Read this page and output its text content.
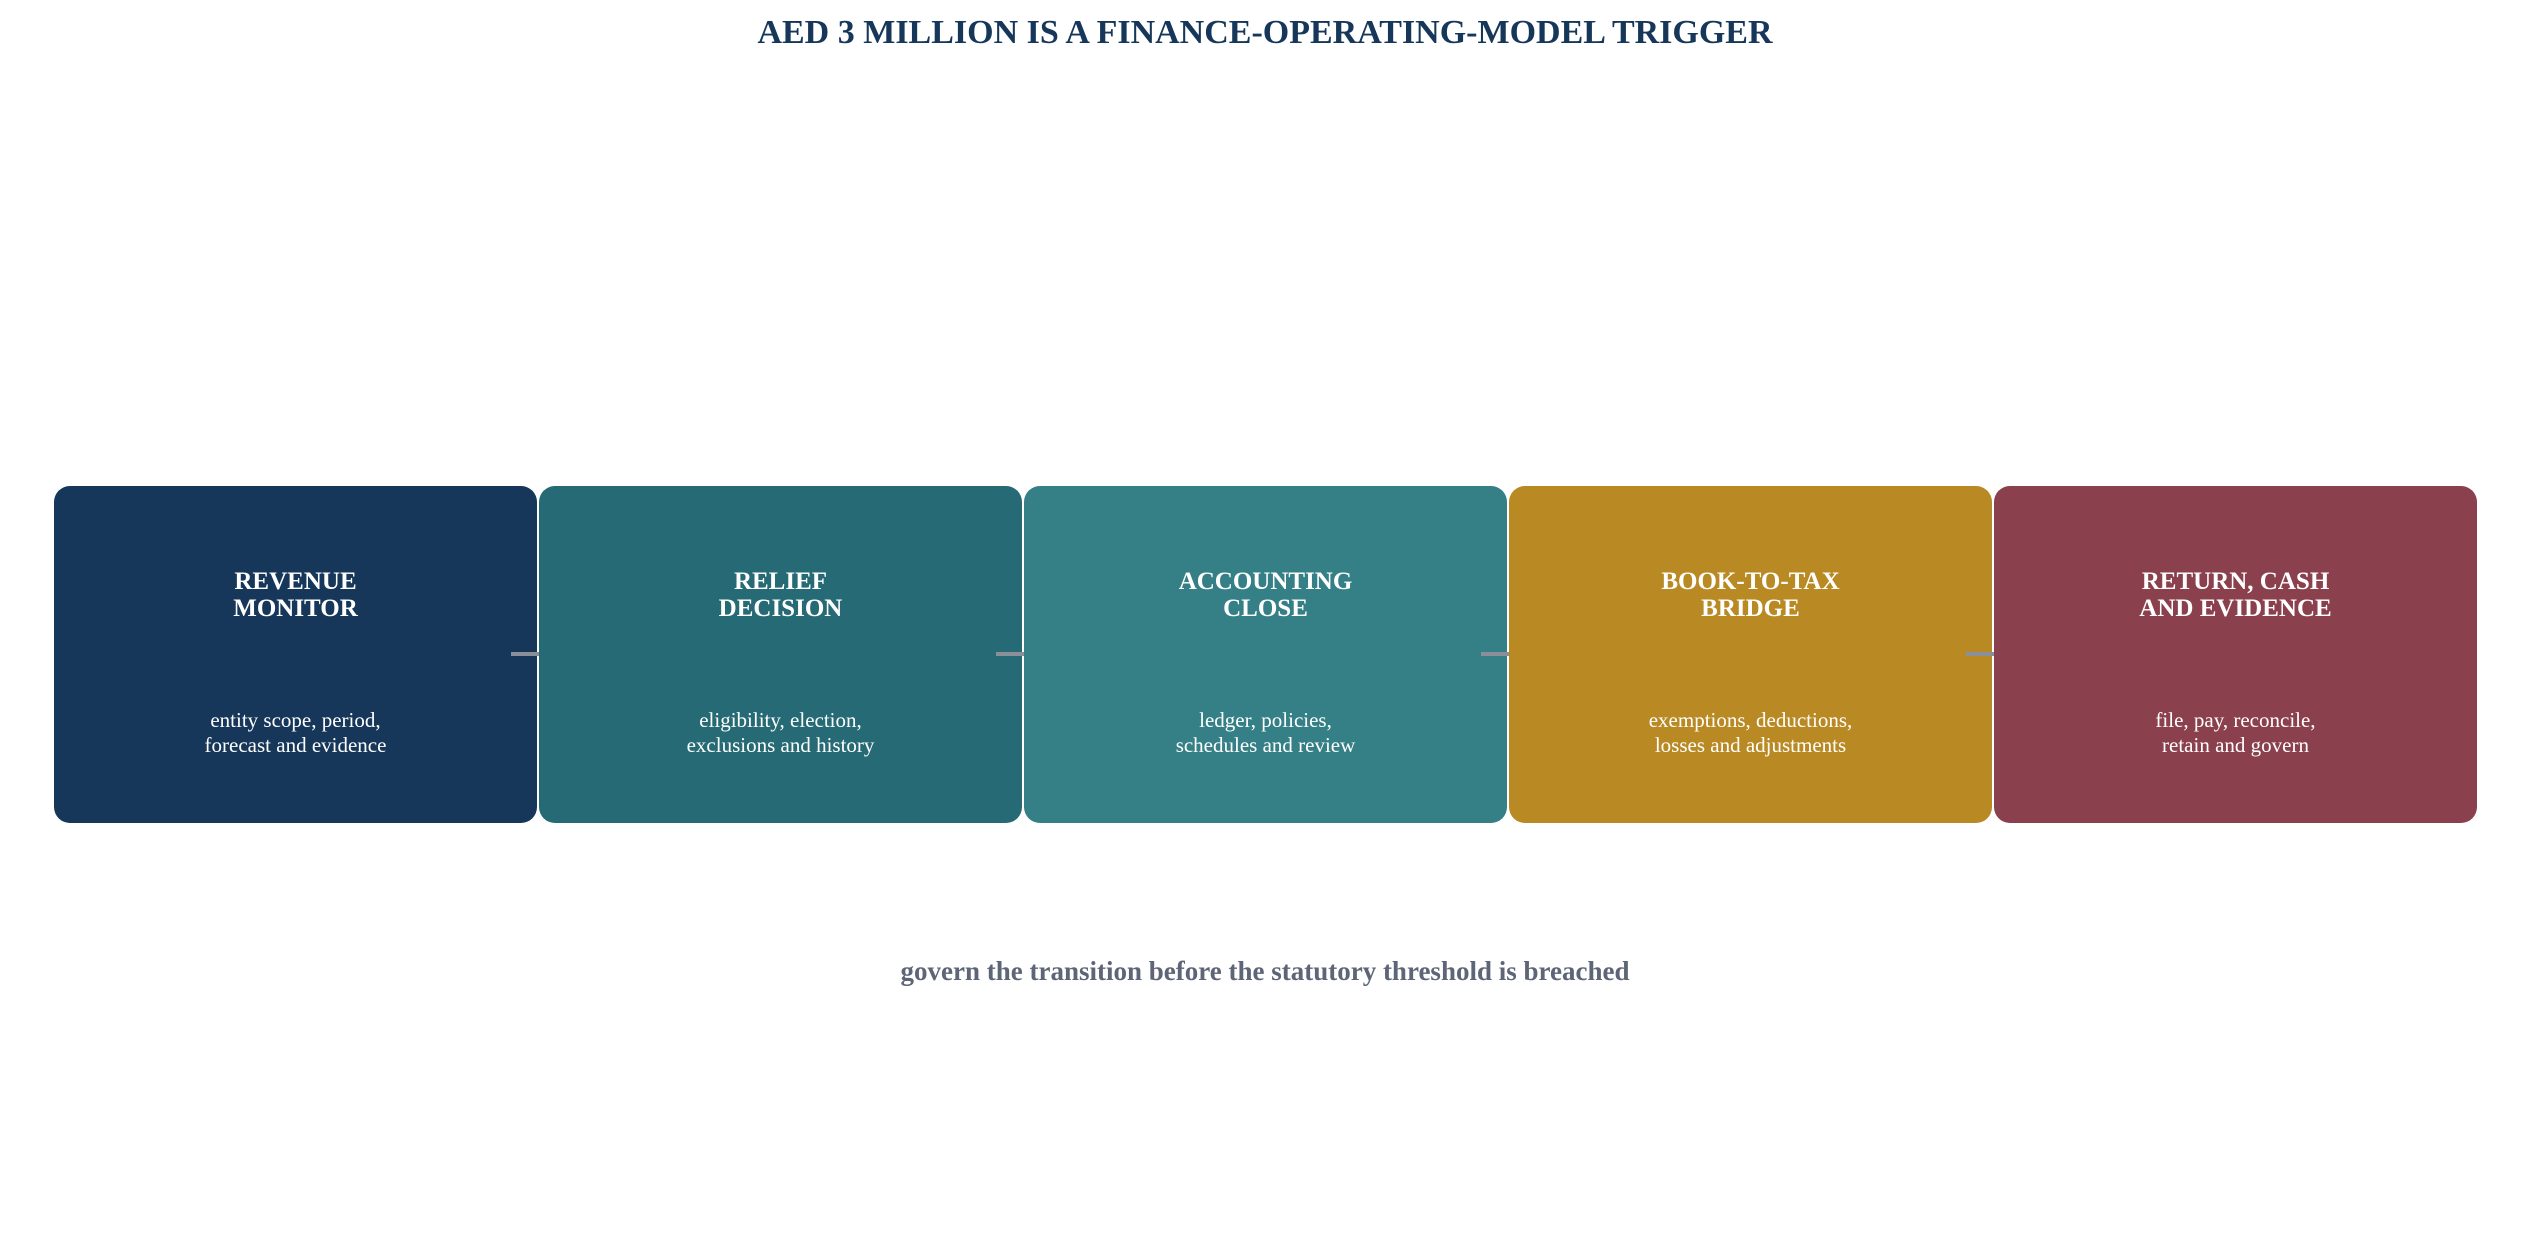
AED 3 MILLION IS A FINANCE-OPERATING-MODEL TRIGGER
REVENUE
MONITOR
entity scope, period,
forecast and evidence
RELIEF
DECISION
eligibility, election,
exclusions and history
ACCOUNTING
CLOSE
ledger, policies,
schedules and review
BOOK-TO-TAX
BRIDGE
exemptions, deductions,
losses and adjustments
RETURN, CASH
AND EVIDENCE
file, pay, reconcile,
retain and govern

govern the transition before the statutory threshold is breached
